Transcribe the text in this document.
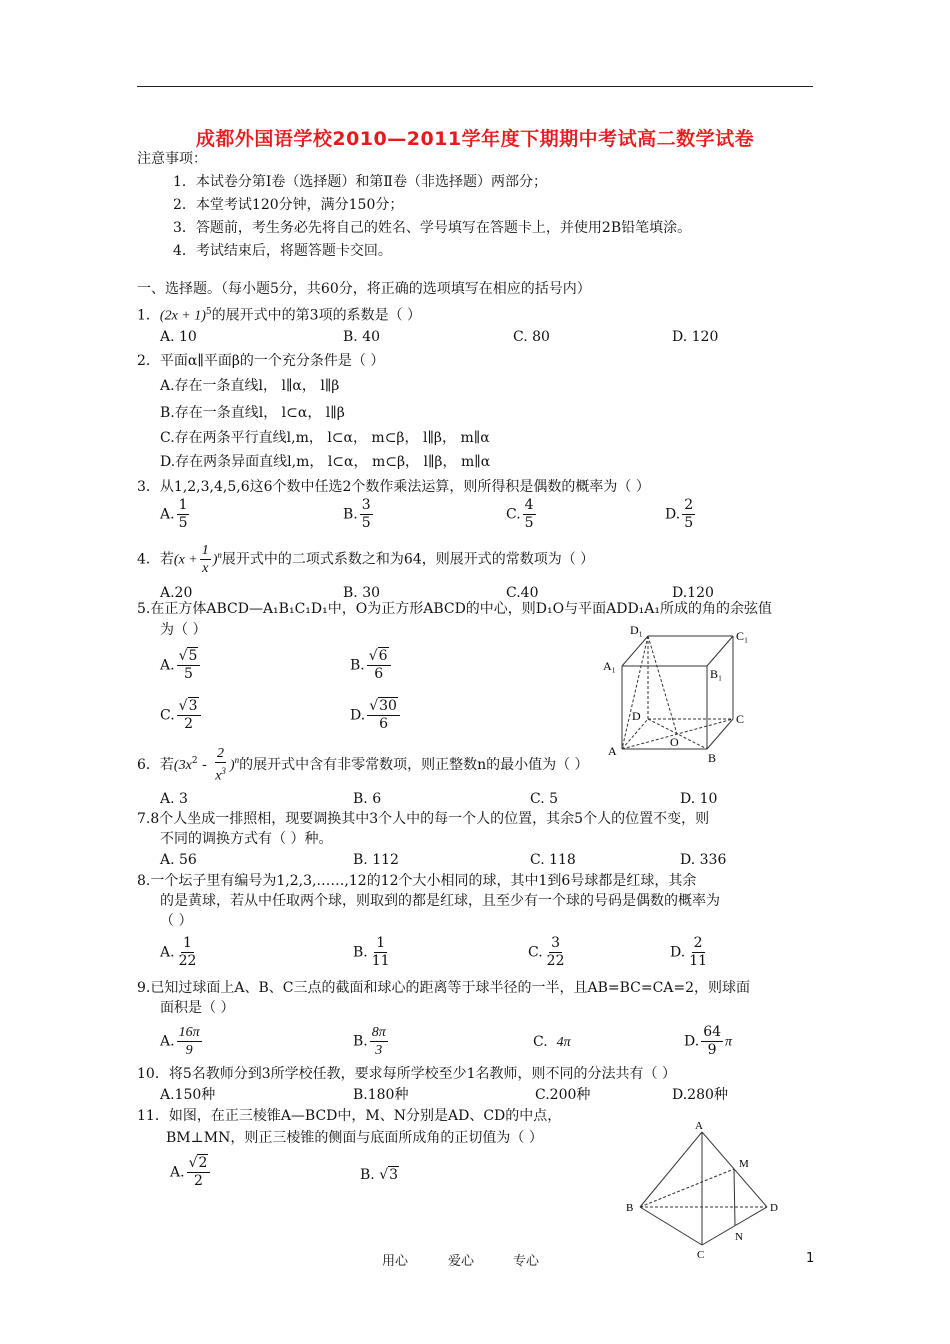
成都外国语学校2010—2011学年度下期期中考试高二数学试卷
注意事项：
1．本试卷分第Ⅰ卷（选择题）和第Ⅱ卷（非选择题）两部分；
2．本堂考试120分钟，满分150分；
3．答题前，考生务必先将自己的姓名、学号填写在答题卡上，并使用2B铅笔填涂。
4．考试结束后，将题答题卡交回。
一、选择题。（每小题5分，共60分，将正确的选项填写在相应的括号内）
1．$(2x + 1)^5$的展开式中的第3项的系数是（ ）
A. 10	B. 40	C. 80	D. 120
2．平面α∥平面β的一个充分条件是（ ）
A.存在一条直线l， l∥α， l∥β
B.存在一条直线l， l⊂α， l∥β
C.存在两条平行直线l,m， l⊂α， m⊂β， l∥β， m∥α
D.存在两条异面直线l,m， l⊂α， m⊂β， l∥β， m∥α
3．从1,2,3,4,5,6这6个数中任选2个数作乘法运算，则所得积是偶数的概率为（ ）
A. $\frac{1}{5}$	B. $\frac{3}{5}$	C. $\frac{4}{5}$	D. $\frac{2}{5}$
4．若$(x + \frac{1}{x} )^n$展开式中的二项式系数之和为64，则展开式的常数项为（ ）
A.20	B. 30	C.40	D.120
5.在正方体ABCD—A₁B₁C₁D₁中，O为正方形ABCD的中心，则D₁O与平面ADD₁A₁所成的角的余弦值
为（ ）
A. $\frac{√5}{5}$	B. $\frac{√6}{6}$
C. $\frac{√3}{2}$	D. $\frac{√30}{6}$
D₁	C₁
A₁
B₁
D	C
O
A	B
6．若$(3x^2 - \frac{2}{x^3} )^n$的展开式中含有非零常数项，则正整数n的最小值为（ ）
A. 3	B. 6	C. 5	D. 10
7.8个人坐成一排照相，现要调换其中3个人中的每一个人的位置，其余5个人的位置不变，则
不同的调换方式有（ ）种。
A. 56	B. 112	C. 118	D. 336
8.一个坛子里有编号为1,2,3,……,12的12个大小相同的球，其中1到6号球都是红球，其余
的是黄球，若从中任取两个球，则取到的都是红球，且至少有一个球的号码是偶数的概率为
（ ）
A. $\frac{1}{22}$	B. $\frac{1}{11}$	C. $\frac{3}{22}$	D. $\frac{2}{11}$
9.已知过球面上A、B、C三点的截面和球心的距离等于球半径的一半，且AB=BC=CA=2，则球面
面积是（ ）
A. $\frac{16\pi}{9}$	B. $\frac{8\pi}{3}$	C. 4π	D. $\frac{64}{9}$ π
10．将5名教师分到3所学校任教，要求每所学校至少1名教师，则不同的分法共有（ ）
A.150种	B.180种	C.200种	D.280种
11．如图，在正三棱锥A—BCD中，M、N分别是AD、CD的中点，
BM⊥MN，则正三棱锥的侧面与底面所成角的正切值为（ ）
A. $\frac{√2}{2}$	B. √3
A
M
B	D
N
C
用心	爱心	专心	1
